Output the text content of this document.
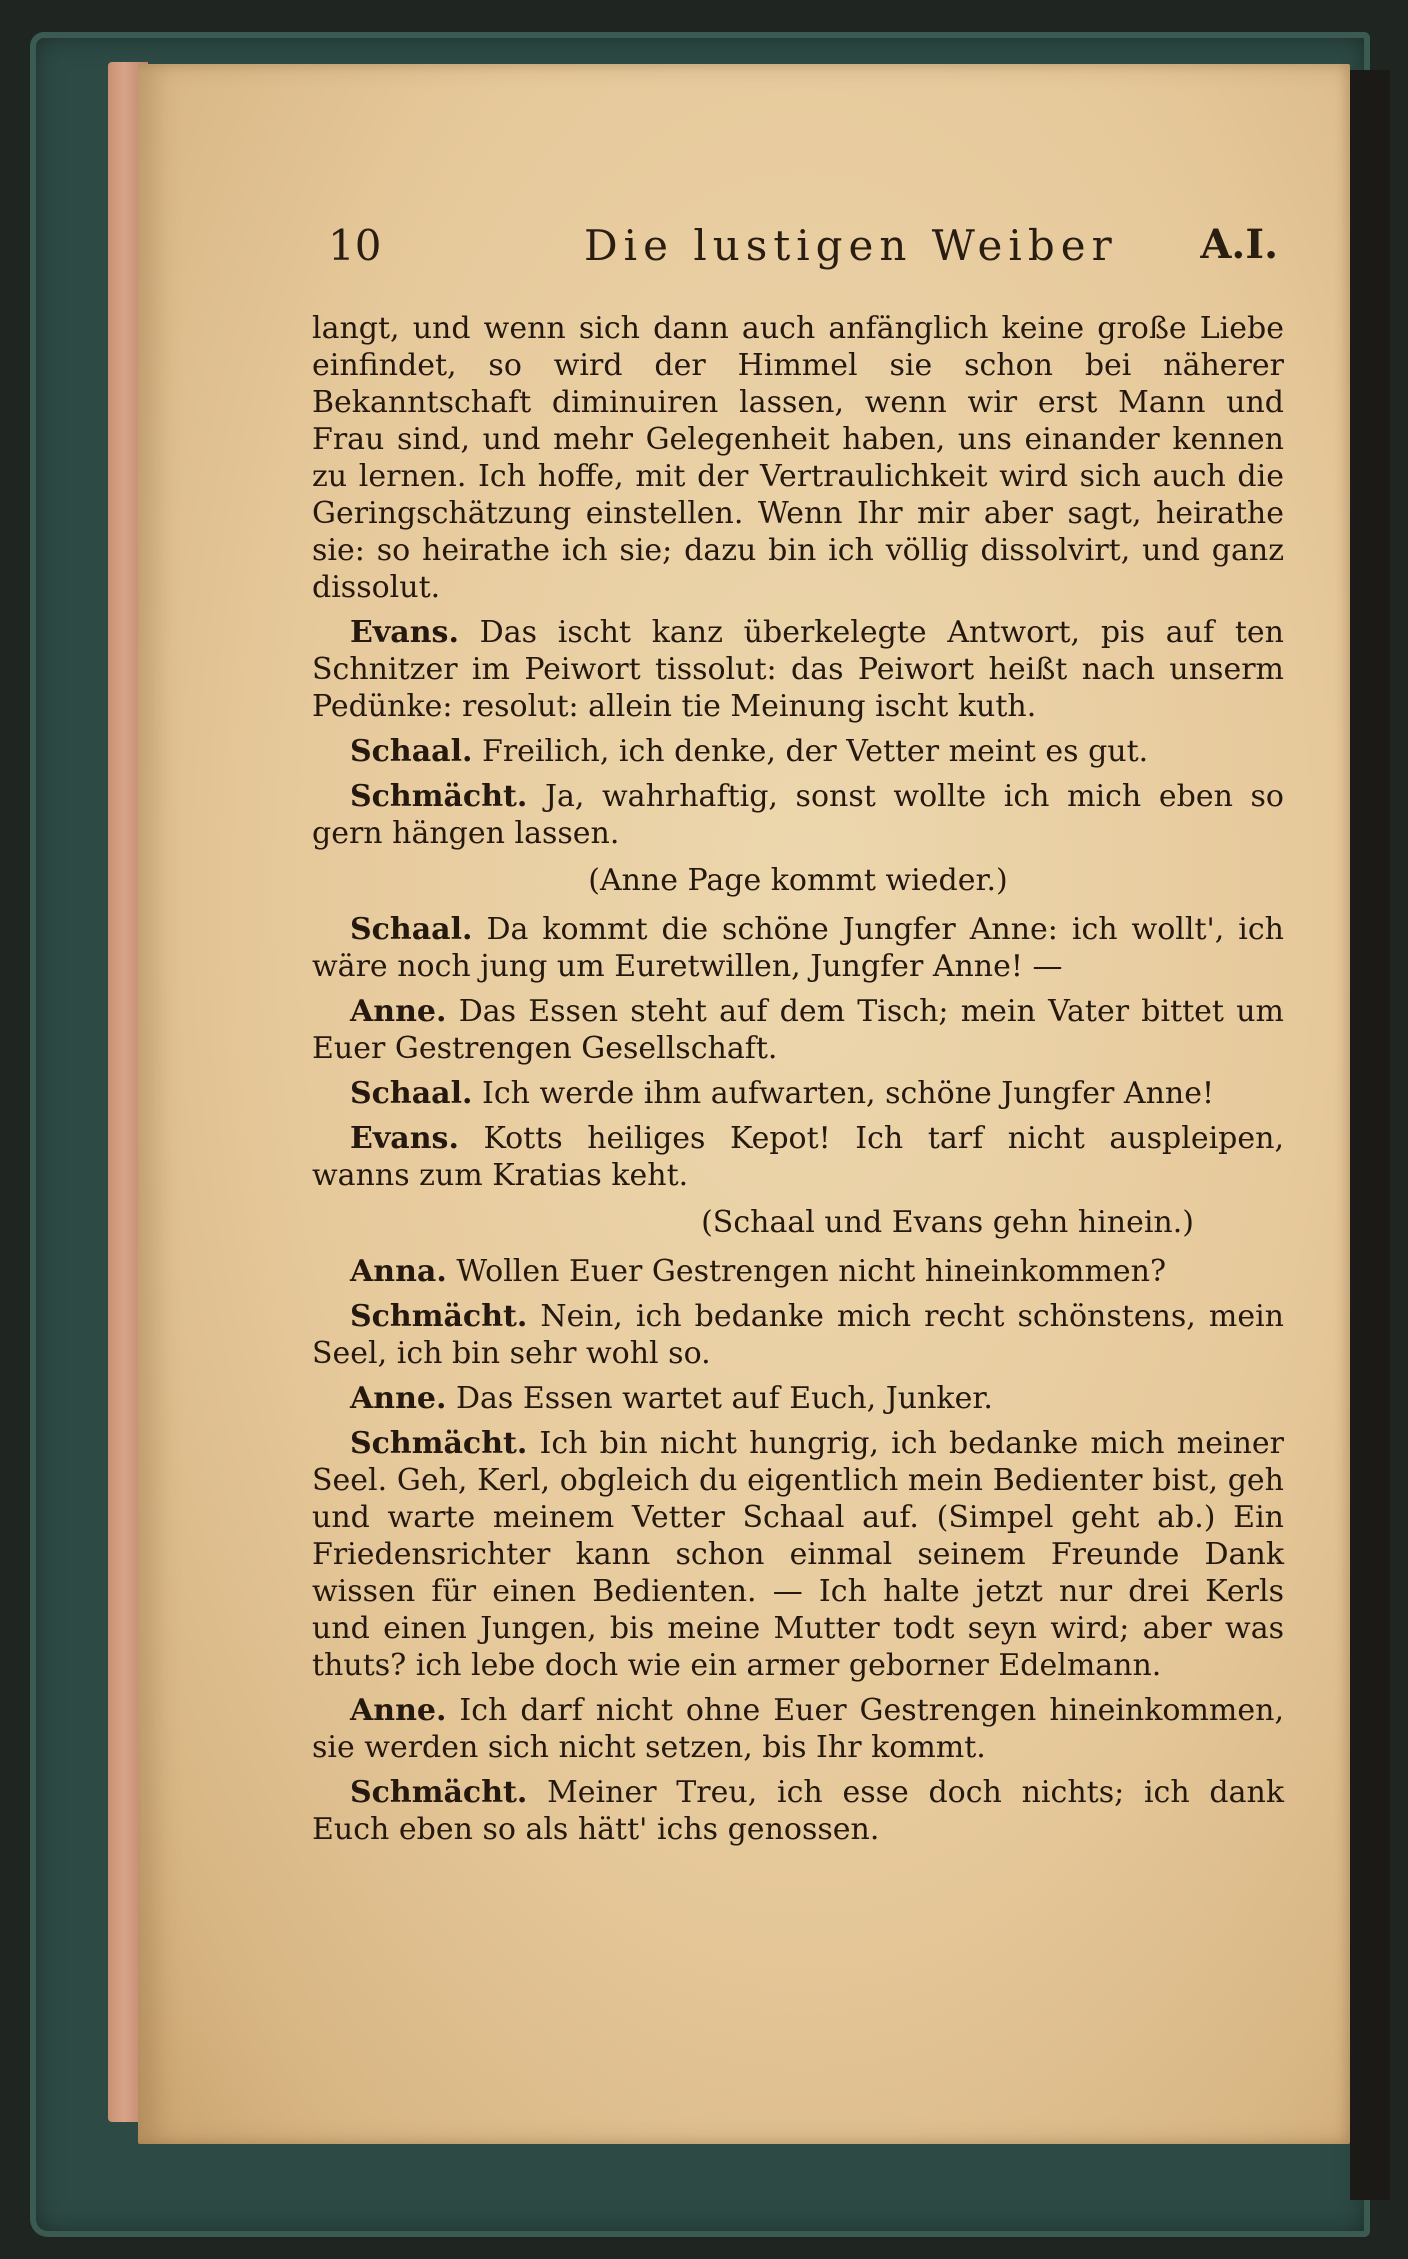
10	Die lustigen Weiber A.I.

langt, und wenn sich dann auch anfänglich keine große Liebe einfindet, so wird der Himmel sie schon bei näherer Bekanntschaft diminuiren lassen, wenn wir erst Mann und Frau sind, und mehr Gelegenheit haben, uns einander kennen zu lernen. Ich hoffe, mit der Vertraulichkeit wird sich auch die Geringschätzung einstellen. Wenn Ihr mir aber sagt, heirathe sie: so heirathe ich sie; dazu bin ich völlig dissolvirt, und ganz dissolut.

Evans. Das ischt kanz überkelegte Antwort, pis auf ten Schnitzer im Peiwort tissolut: das Peiwort heißt nach unserm Pedünke: resolut: allein tie Meinung ischt kuth.

Schaal. Freilich, ich denke, der Vetter meint es gut.

Schmächt. Ja, wahrhaftig, sonst wollte ich mich eben so gern hängen lassen.

(Anne Page kommt wieder.)

Schaal. Da kommt die schöne Jungfer Anne: ich wollt', ich wäre noch jung um Euretwillen, Jungfer Anne! —

Anne. Das Essen steht auf dem Tisch; mein Vater bittet um Euer Gestrengen Gesellschaft.

Schaal. Ich werde ihm aufwarten, schöne Jungfer Anne!

Evans. Kotts heiliges Kepot! Ich tarf nicht auspleipen, wanns zum Kratias keht.

(Schaal und Evans gehn hinein.)

Anna. Wollen Euer Gestrengen nicht hineinkommen?

Schmächt. Nein, ich bedanke mich recht schönstens, mein Seel, ich bin sehr wohl so.

Anne. Das Essen wartet auf Euch, Junker.

Schmächt. Ich bin nicht hungrig, ich bedanke mich meiner Seel. Geh, Kerl, obgleich du eigentlich mein Bedienter bist, geh und warte meinem Vetter Schaal auf. (Simpel geht ab.) Ein Friedensrichter kann schon einmal seinem Freunde Dank wissen für einen Bedienten. — Ich halte jetzt nur drei Kerls und einen Jungen, bis meine Mutter todt seyn wird; aber was thuts? ich lebe doch wie ein armer geborner Edelmann.

Anne. Ich darf nicht ohne Euer Gestrengen hineinkommen, sie werden sich nicht setzen, bis Ihr kommt.

Schmächt. Meiner Treu, ich esse doch nichts; ich dank Euch eben so als hätt' ichs genossen.
